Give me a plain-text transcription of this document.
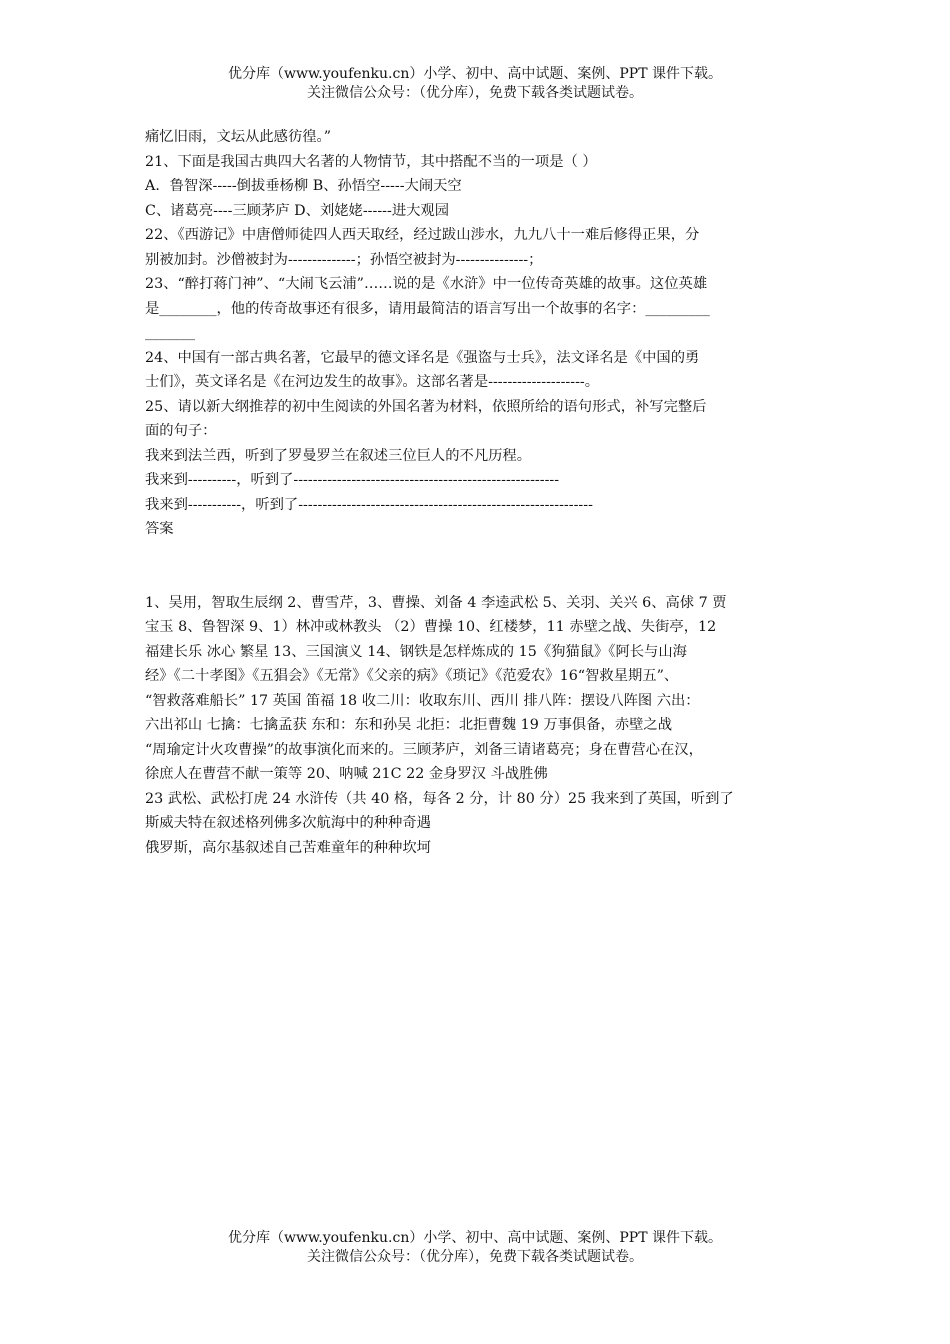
优分库（www.youfenku.cn）小学、初中、高中试题、案例、PPT 课件下载。
关注微信公众号：（优分库），免费下载各类试题试卷。
痛忆旧雨，文坛从此感彷徨。”
21、下面是我国古典四大名著的人物情节，其中搭配不当的一项是（ ）
A．鲁智深-----倒拔垂杨柳 B、孙悟空-----大闹天空
C、诸葛亮----三顾茅庐 D、刘姥姥------进大观园
22、《西游记》中唐僧师徒四人西天取经，经过跋山涉水，九九八十一难后修得正果，分
别被加封。沙僧被封为--------------；孙悟空被封为---------------；
23、“醉打蒋门神”、“大闹飞云浦”……说的是《水浒》中一位传奇英雄的故事。这位英雄
是________，他的传奇故事还有很多，请用最简洁的语言写出一个故事的名字：_________
_______
24、中国有一部古典名著，它最早的德文译名是《强盗与士兵》，法文译名是《中国的勇
士们》，英文译名是《在河边发生的故事》。这部名著是--------------------。
25、请以新大纲推荐的初中生阅读的外国名著为材料，依照所给的语句形式，补写完整后
面的句子：
我来到法兰西，听到了罗曼罗兰在叙述三位巨人的不凡历程。
我来到----------，听到了-------------------------------------------------------
我来到-----------，听到了-------------------------------------------------------------
答案
1、吴用，智取生辰纲 2、曹雪芹，3、曹操、刘备 4 李逵武松 5、关羽、关兴 6、高俅 7 贾
宝玉 8、鲁智深 9、1）林冲或林教头 （2）曹操 10、红楼梦，11 赤壁之战、失街亭，12
福建长乐 冰心 繁星 13、三国演义 14、钢铁是怎样炼成的 15《狗猫鼠》《阿长与山海
经》《二十孝图》《五猖会》《无常》《父亲的病》《琐记》《范爱农》16“智救星期五”、
“智救落难船长” 17 英国 笛福 18 收二川：收取东川、西川 排八阵：摆设八阵图 六出：
六出祁山 七擒：七擒孟获 东和：东和孙吴 北拒：北拒曹魏 19 万事俱备，赤壁之战
“周瑜定计火攻曹操”的故事演化而来的。三顾茅庐，刘备三请诸葛亮；身在曹营心在汉，
徐庶人在曹营不献一策等 20、呐喊 21C 22 金身罗汉 斗战胜佛
23 武松、武松打虎 24 水浒传（共 40 格，每各 2 分，计 80 分）25 我来到了英国，听到了
斯威夫特在叙述格列佛多次航海中的种种奇遇
俄罗斯，高尔基叙述自己苦难童年的种种坎坷
优分库（www.youfenku.cn）小学、初中、高中试题、案例、PPT 课件下载。
关注微信公众号：（优分库），免费下载各类试题试卷。
